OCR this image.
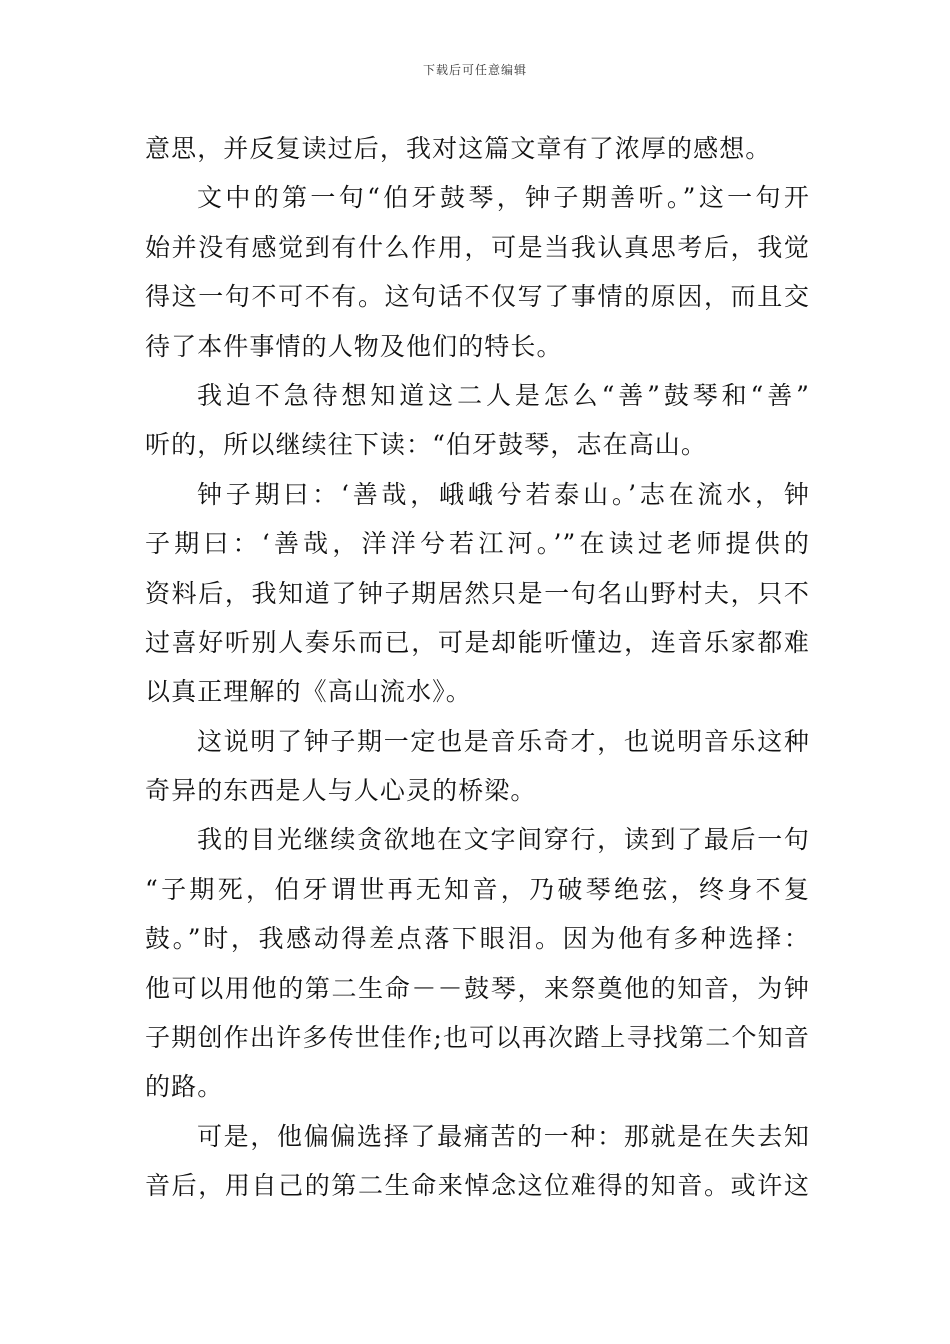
下载后可任意编辑
意思，并反复读过后，我对这篇文章有了浓厚的感想。
文中的第一句“伯牙鼓琴，钟子期善听。”这一句开
始并没有感觉到有什么作用，可是当我认真思考后，我觉
得这一句不可不有。这句话不仅写了事情的原因，而且交
待了本件事情的人物及他们的特长。
我迫不急待想知道这二人是怎么“善”鼓琴和“善”
听的，所以继续往下读：“伯牙鼓琴，志在高山。
钟子期曰：‘善哉，峨峨兮若泰山。’志在流水，钟
子期曰：‘善哉，洋洋兮若江河。’”在读过老师提供的
资料后，我知道了钟子期居然只是一句名山野村夫，只不
过喜好听别人奏乐而已，可是却能听懂边，连音乐家都难
以真正理解的《高山流水》。
这说明了钟子期一定也是音乐奇才，也说明音乐这种
奇异的东西是人与人心灵的桥梁。
我的目光继续贪欲地在文字间穿行，读到了最后一句
“子期死，伯牙谓世再无知音，乃破琴绝弦，终身不复
鼓。”时，我感动得差点落下眼泪。因为他有多种选择：
他可以用他的第二生命－－鼓琴，来祭奠他的知音，为钟
子期创作出许多传世佳作;也可以再次踏上寻找第二个知音
的路。
可是，他偏偏选择了最痛苦的一种：那就是在失去知
音后，用自己的第二生命来悼念这位难得的知音。或许这
